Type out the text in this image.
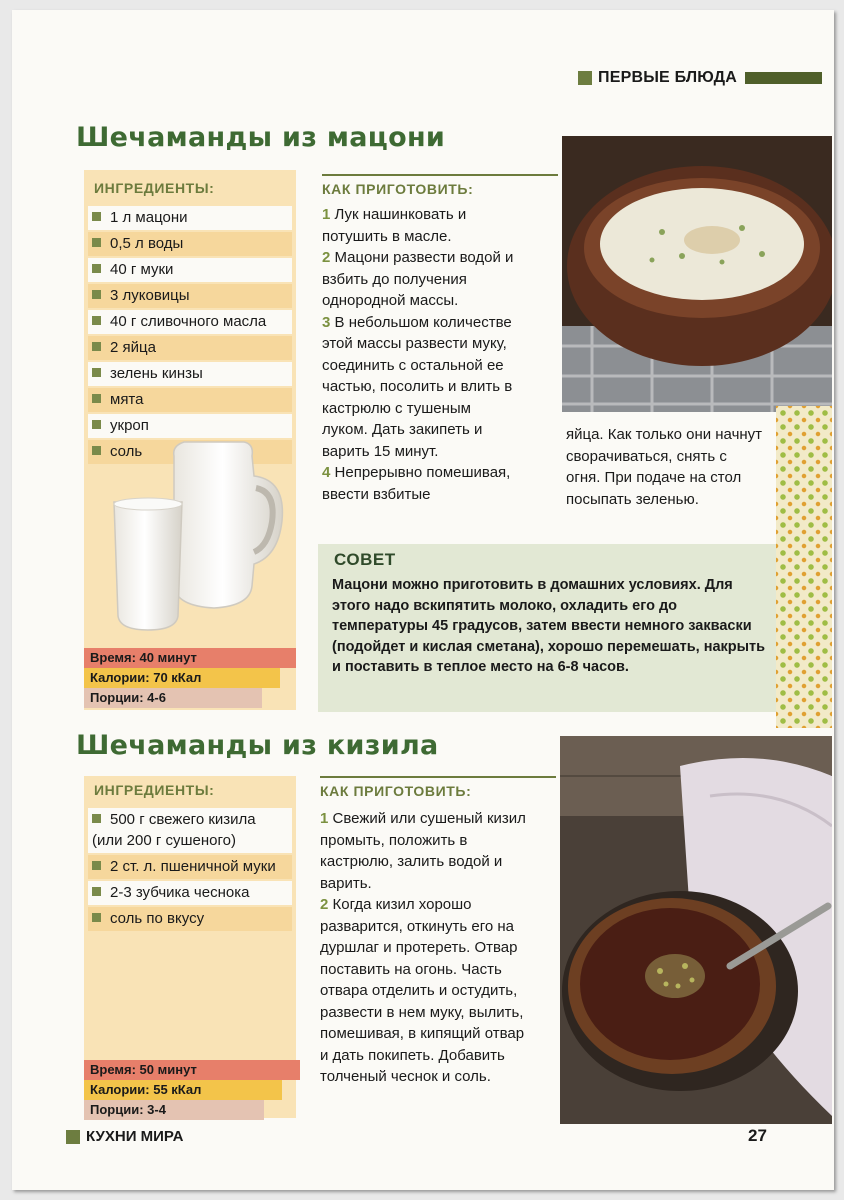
ПЕРВЫЕ БЛЮДА
Шечаманды из мацони
ИНГРЕДИЕНТЫ:
1 л мацони
0,5 л воды
40 г муки
3 луковицы
40 г сливочного масла
2 яйца
зелень кинзы
мята
укроп
соль
Время: 40 минут
Калории: 70 кКал
Порции: 4-6
КАК ПРИГОТОВИТЬ:
1 Лук нашинковать и потушить в масле.
2 Мацони развести водой и взбить до получения однородной массы.
3 В небольшом количестве этой массы развести муку, соединить с остальной ее частью, посолить и влить в кастрюлю с тушеным луком. Дать закипеть и варить 15 минут.
4 Непрерывно помешивая, ввести взбитые
яйца. Как только они начнут сворачиваться, снять с огня. При подаче на стол посыпать зеленью.
СОВЕТ
Мацони можно приготовить в домашних условиях. Для этого надо вскипятить молоко, охладить его до температуры 45 градусов, затем ввести немного закваски (подойдет и кислая сметана), хорошо перемешать, накрыть и поставить в теплое место на 6-8 часов.
Шечаманды из кизила
ИНГРЕДИЕНТЫ:
500 г свежего кизила (или 200 г сушеного)
2 ст. л. пшеничной муки
2-3 зубчика чеснока
соль по вкусу
Время: 50 минут
Калории: 55 кКал
Порции: 3-4
КАК ПРИГОТОВИТЬ:
1 Свежий или сушеный кизил промыть, положить в кастрюлю, залить водой и варить.
2 Когда кизил хорошо разварится, откинуть его на дуршлаг и протереть. Отвар поставить на огонь. Часть отвара отделить и остудить, развести в нем муку, вылить, помешивая, в кипящий отвар и дать покипеть. Добавить толченый чеснок и соль.
КУХНИ МИРА	27
